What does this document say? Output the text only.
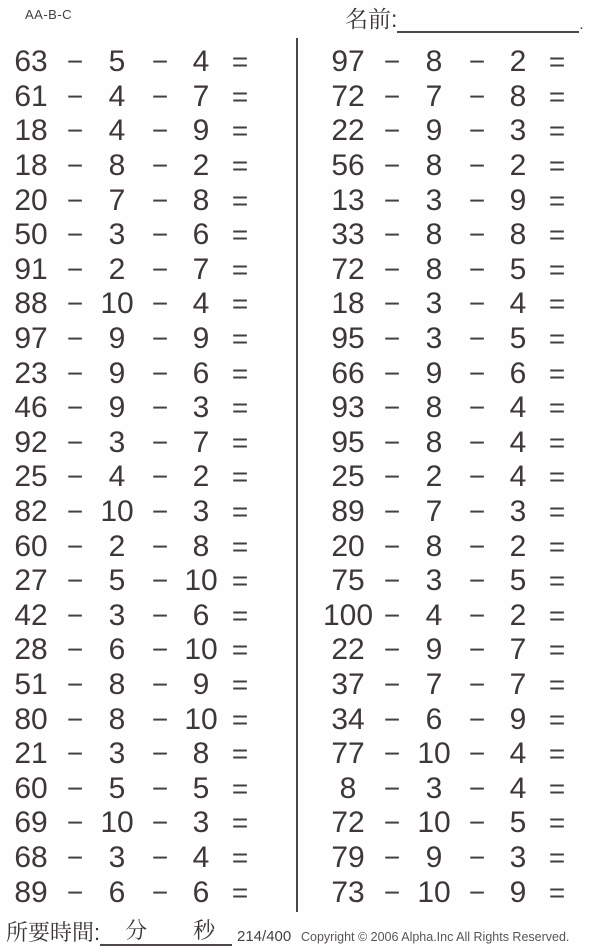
AA-B-C	名前:	.
63 − 5 − 4 =
61 − 4 − 7 =
18 − 4 − 9 =
18 − 8 − 2 =
20 − 7 − 8 =
50 − 3 − 6 =
91 − 2 − 7 =
88 − 10 − 4 =
97 − 9 − 9 =
23 − 9 − 6 =
46 − 9 − 3 =
92 − 3 − 7 =
25 − 4 − 2 =
82 − 10 − 3 =
60 − 2 − 8 =
27 − 5 − 10 =
42 − 3 − 6 =
28 − 6 − 10 =
51 − 8 − 9 =
80 − 8 − 10 =
21 − 3 − 8 =
60 − 5 − 5 =
69 − 10 − 3 =
68 − 3 − 4 =
89 − 6 − 6 =
97 − 8 − 2 =
72 − 7 − 8 =
22 − 9 − 3 =
56 − 8 − 2 =
13 − 3 − 9 =
33 − 8 − 8 =
72 − 8 − 5 =
18 − 3 − 4 =
95 − 3 − 5 =
66 − 9 − 6 =
93 − 8 − 4 =
95 − 8 − 4 =
25 − 2 − 4 =
89 − 7 − 3 =
20 − 8 − 2 =
75 − 3 − 5 =
100 − 4 − 2 =
22 − 9 − 7 =
37 − 7 − 7 =
34 − 6 − 9 =
77 − 10 − 4 =
8 − 3 − 4 =
72 − 10 − 5 =
79 − 9 − 3 =
73 − 10 − 9 =
所要時間:	分 秒	214/400 Copyright © 2006 Alpha.Inc All Rights Reserved.
